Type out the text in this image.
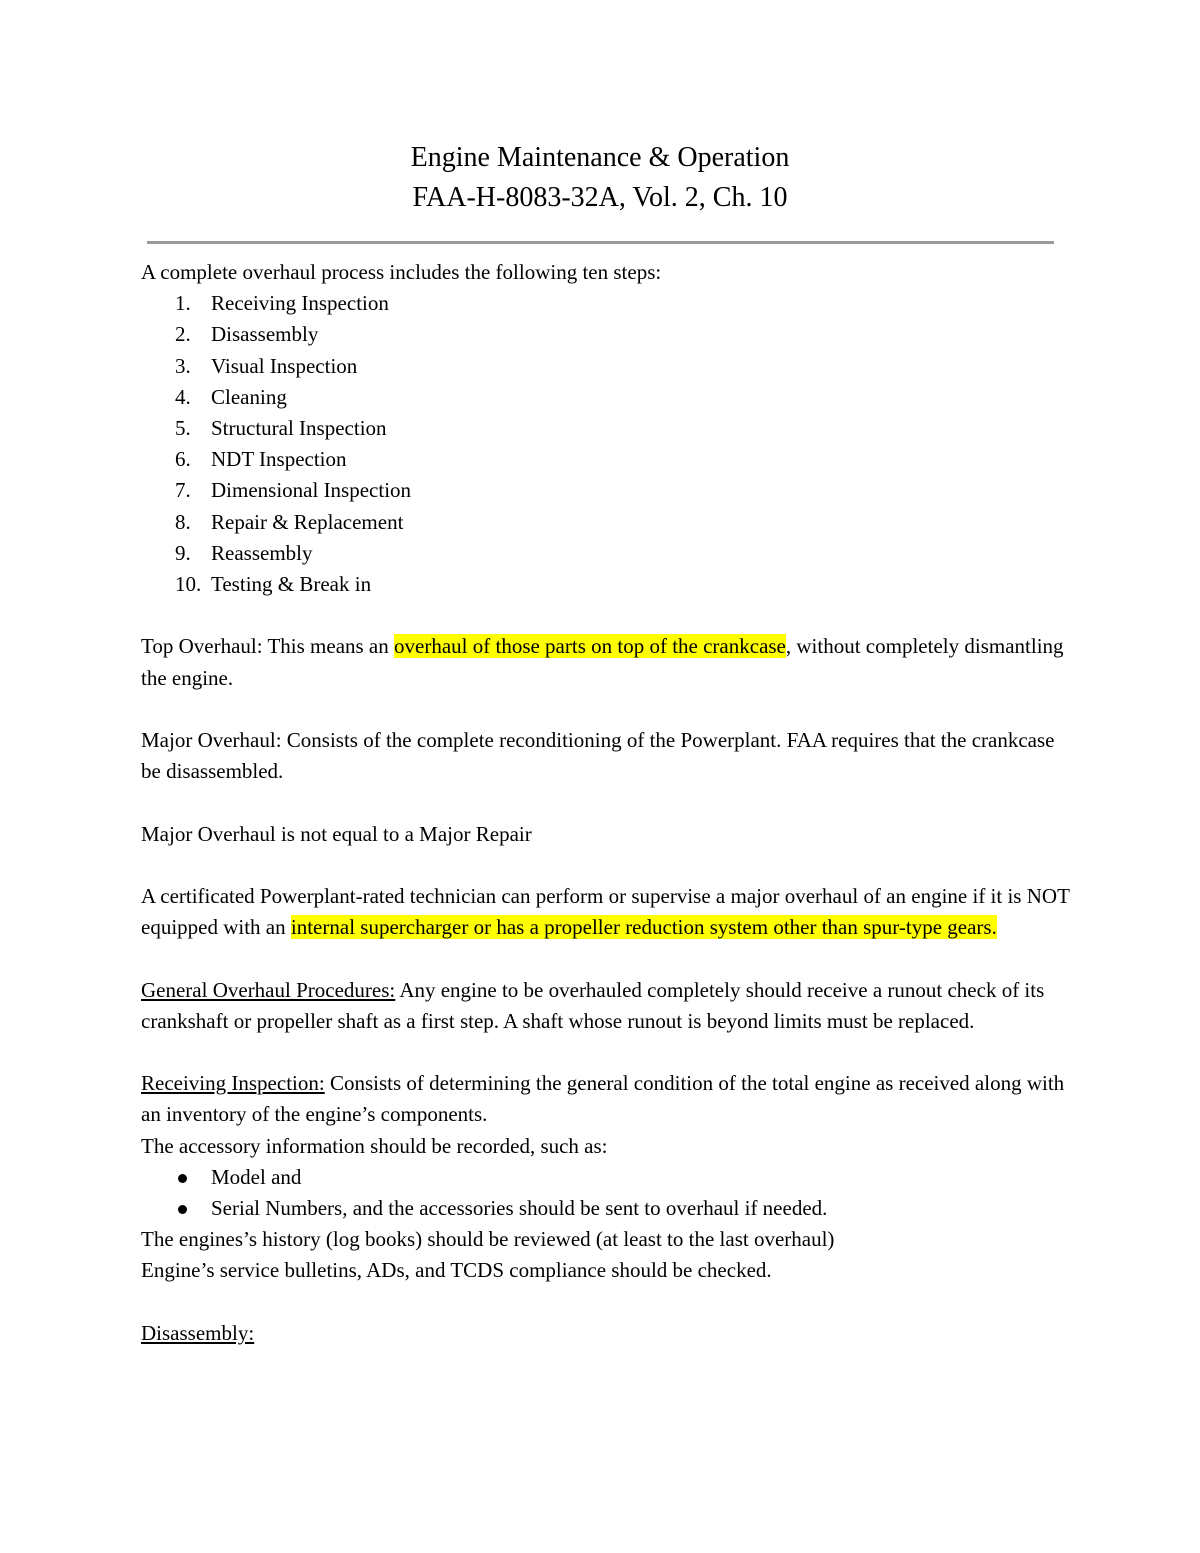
Engine Maintenance & Operation
FAA-H-8083-32A, Vol. 2, Ch. 10

A complete overhaul process includes the following ten steps:

1. Receiving Inspection
2. Disassembly
3. Visual Inspection
4. Cleaning
5. Structural Inspection
6. NDT Inspection
7. Dimensional Inspection
8. Repair & Replacement
9. Reassembly
10. Testing & Break in

Top Overhaul: This means an overhaul of those parts on top of the crankcase, without completely dismantling the engine.

Major Overhaul: Consists of the complete reconditioning of the Powerplant. FAA requires that the crankcase be disassembled.

Major Overhaul is not equal to a Major Repair

A certificated Powerplant-rated technician can perform or supervise a major overhaul of an engine if it is NOT equipped with an internal supercharger or has a propeller reduction system other than spur-type gears.

General Overhaul Procedures: Any engine to be overhauled completely should receive a runout check of its crankshaft or propeller shaft as a first step. A shaft whose runout is beyond limits must be replaced.

Receiving Inspection: Consists of determining the general condition of the total engine as received along with an inventory of the engine’s components.

The accessory information should be recorded, such as:

Model and
Serial Numbers, and the accessories should be sent to overhaul if needed.

The engines’s history (log books) should be reviewed (at least to the last overhaul)

Engine’s service bulletins, ADs, and TCDS compliance should be checked.

Disassembly:
